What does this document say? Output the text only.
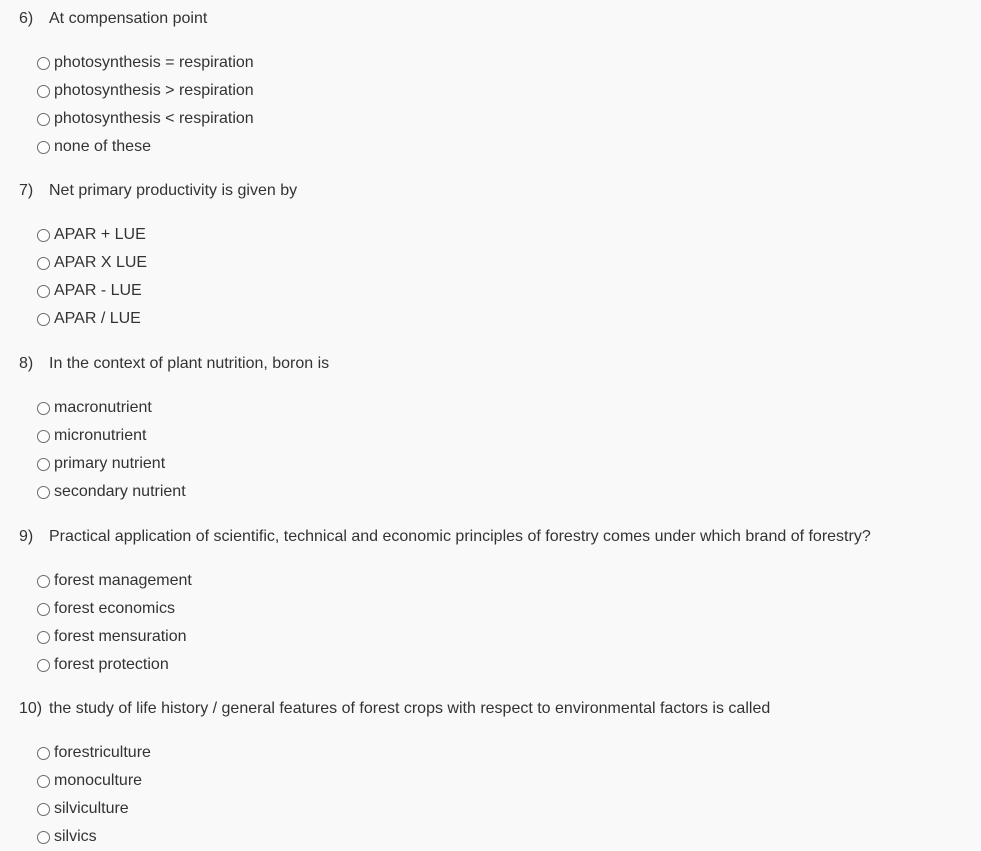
6) At compensation point
photosynthesis = respiration
photosynthesis > respiration
photosynthesis < respiration
none of these
7) Net primary productivity is given by
APAR + LUE
APAR X LUE
APAR - LUE
APAR / LUE
8) In the context of plant nutrition, boron is
macronutrient
micronutrient
primary nutrient
secondary nutrient
9) Practical application of scientific, technical and economic principles of forestry comes under which brand of forestry?
forest management
forest economics
forest mensuration
forest protection
10) the study of life history / general features of forest crops with respect to environmental factors is called
forestriculture
monoculture
silviculture
silvics
